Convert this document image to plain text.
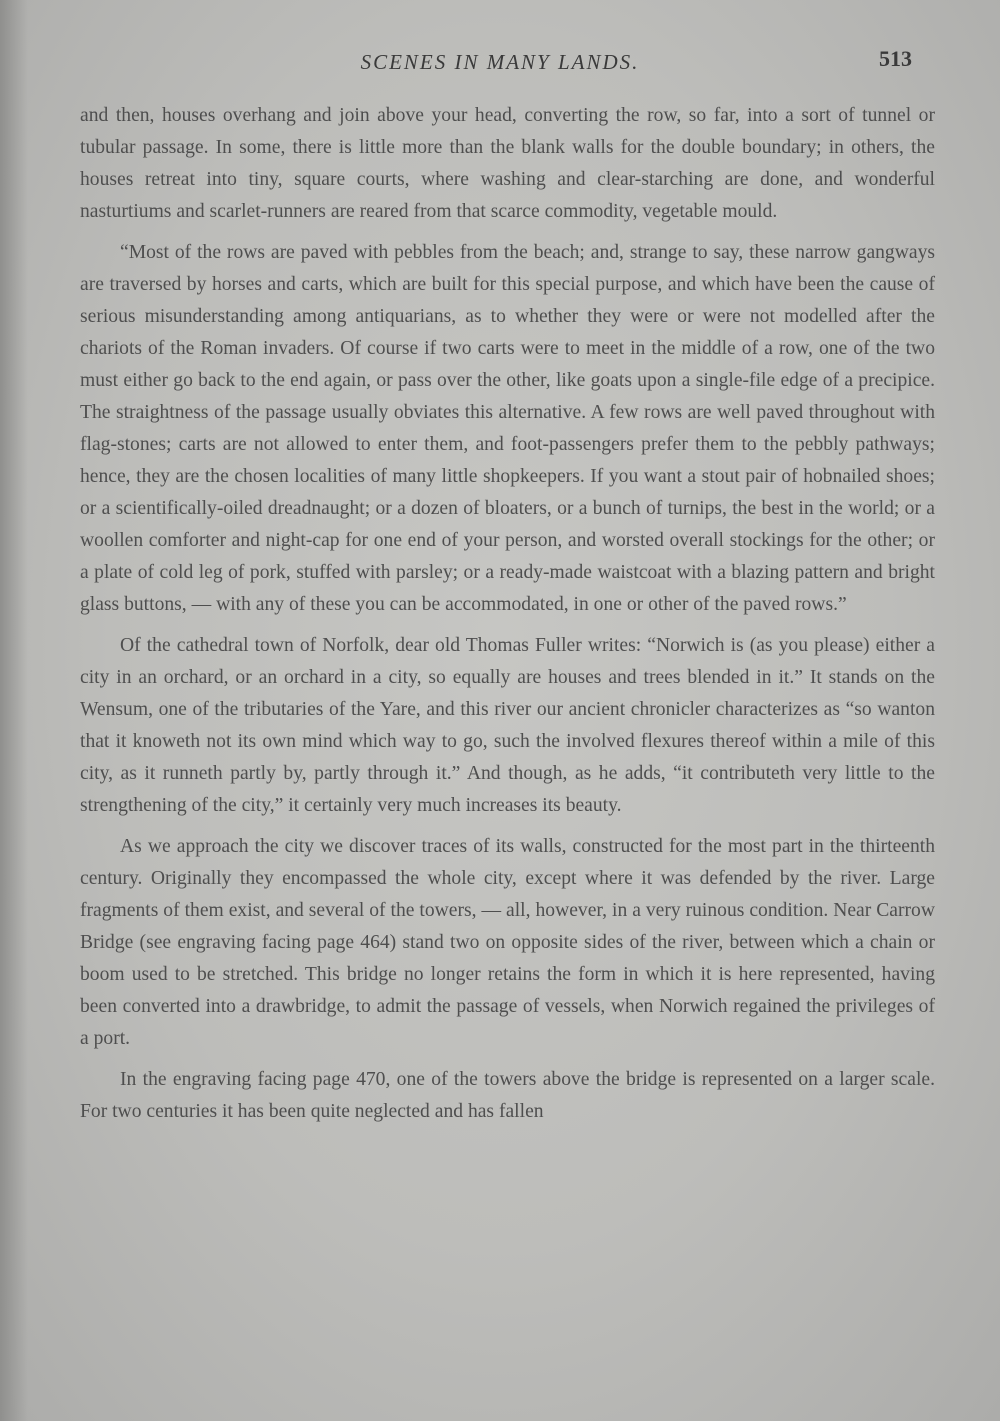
SCENES IN MANY LANDS.	513

and then, houses overhang and join above your head, converting the row, so far, into a sort of tunnel or tubular passage. In some, there is little more than the blank walls for the double boundary; in others, the houses retreat into tiny, square courts, where washing and clear-starching are done, and wonderful nasturtiums and scarlet-runners are reared from that scarce commodity, vegetable mould.

“Most of the rows are paved with pebbles from the beach; and, strange to say, these narrow gangways are traversed by horses and carts, which are built for this special purpose, and which have been the cause of serious misunderstanding among antiquarians, as to whether they were or were not modelled after the chariots of the Roman invaders. Of course if two carts were to meet in the middle of a row, one of the two must either go back to the end again, or pass over the other, like goats upon a single-file edge of a precipice. The straightness of the passage usually obviates this alternative. A few rows are well paved throughout with flag-stones; carts are not allowed to enter them, and foot-passengers prefer them to the pebbly pathways; hence, they are the chosen localities of many little shopkeepers. If you want a stout pair of hobnailed shoes; or a scientifically-oiled dreadnaught; or a dozen of bloaters, or a bunch of turnips, the best in the world; or a woollen comforter and night-cap for one end of your person, and worsted overall stockings for the other; or a plate of cold leg of pork, stuffed with parsley; or a ready-made waistcoat with a blazing pattern and bright glass buttons, — with any of these you can be accommodated, in one or other of the paved rows.”

Of the cathedral town of Norfolk, dear old Thomas Fuller writes: “Norwich is (as you please) either a city in an orchard, or an orchard in a city, so equally are houses and trees blended in it.” It stands on the Wensum, one of the tributaries of the Yare, and this river our ancient chronicler characterizes as “so wanton that it knoweth not its own mind which way to go, such the involved flexures thereof within a mile of this city, as it runneth partly by, partly through it.” And though, as he adds, “it contributeth very little to the strengthening of the city,” it certainly very much increases its beauty.

As we approach the city we discover traces of its walls, constructed for the most part in the thirteenth century. Originally they encompassed the whole city, except where it was defended by the river. Large fragments of them exist, and several of the towers, — all, however, in a very ruinous condition. Near Carrow Bridge (see engraving facing page 464) stand two on opposite sides of the river, between which a chain or boom used to be stretched. This bridge no longer retains the form in which it is here represented, having been converted into a drawbridge, to admit the passage of vessels, when Norwich regained the privileges of a port.

In the engraving facing page 470, one of the towers above the bridge is represented on a larger scale. For two centuries it has been quite neglected and has fallen
